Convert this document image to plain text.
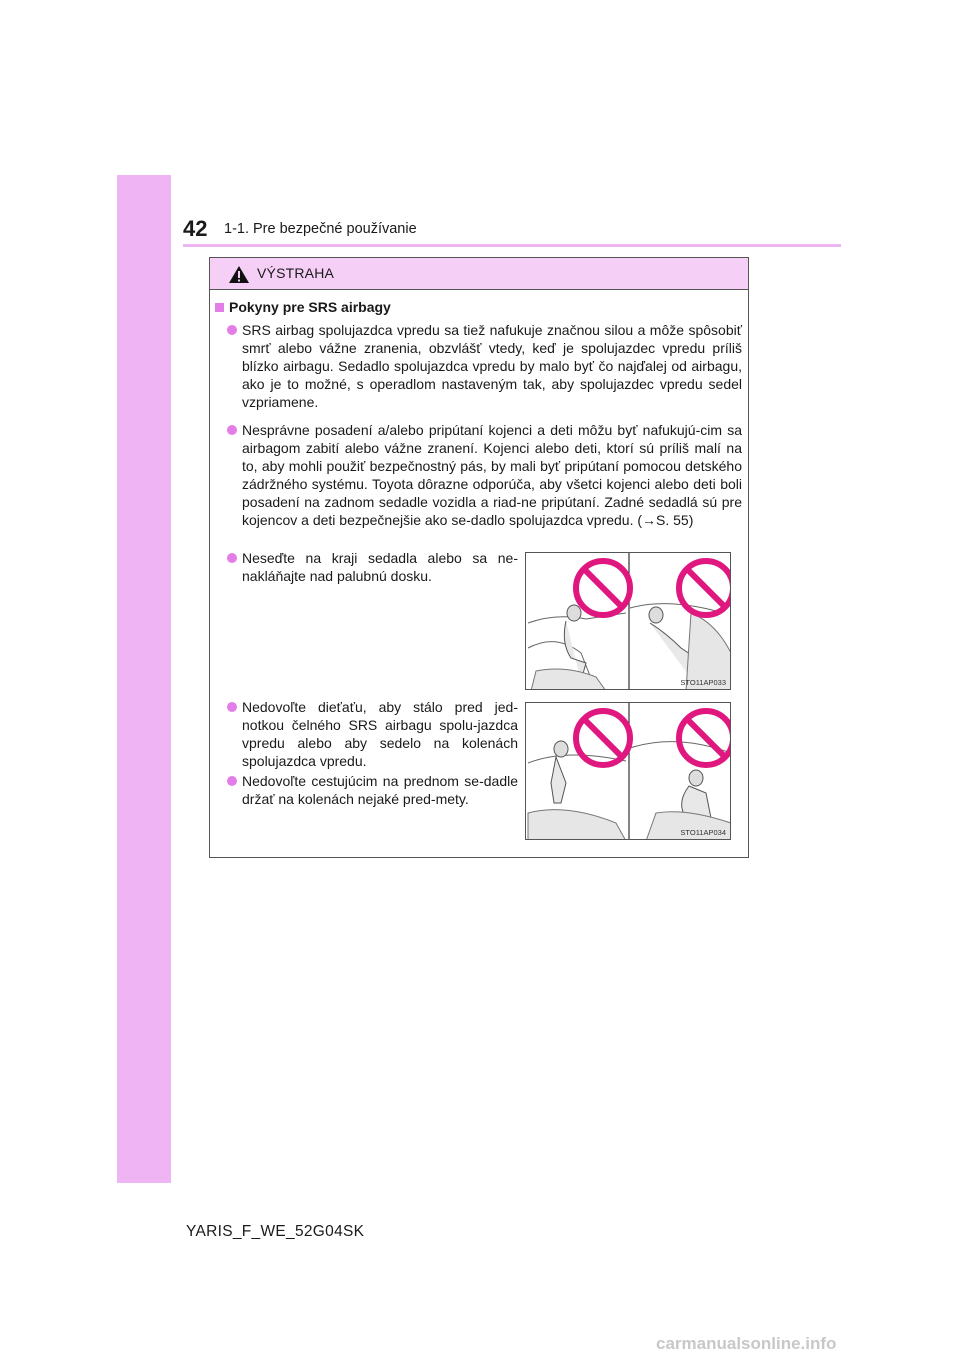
42 1-1. Pre bezpečné používanie
VÝSTRAHA
Pokyny pre SRS airbagy
SRS airbag spolujazdca vpredu sa tiež nafukuje značnou silou a môže spôsobiť smrť alebo vážne zranenia, obzvlášť vtedy, keď je spolujazdec vpredu príliš blízko airbagu. Sedadlo spolujazdca vpredu by malo byť čo najďalej od airbagu, ako je to možné, s operadlom nastaveným tak, aby spolujazdec vpredu sedel vzpriamene.
Nesprávne posadení a/alebo pripútaní kojenci a deti môžu byť nafukujú-cim sa airbagom zabití alebo vážne zranení. Kojenci alebo deti, ktorí sú príliš malí na to, aby mohli použiť bezpečnostný pás, by mali byť pripútaní pomocou detského zádržného systému. Toyota dôrazne odporúča, aby všetci kojenci alebo deti boli posadení na zadnom sedadle vozidla a riad-ne pripútaní. Zadné sedadlá sú pre kojencov a deti bezpečnejšie ako se-dadlo spolujazdca vpredu. (→S. 55)
Neseďte na kraji sedadla alebo sa ne-nakláňajte nad palubnú dosku.
Nedovoľte dieťaťu, aby stálo pred jed-notkou čelného SRS airbagu spolu-jazdca vpredu alebo aby sedelo na kolenách spolujazdca vpredu.
Nedovoľte cestujúcim na prednom se-dadle držať na kolenách nejaké pred-mety.
STO11AP033
STO11AP034
YARIS_F_WE_52G04SK
carmanualsonline.info
